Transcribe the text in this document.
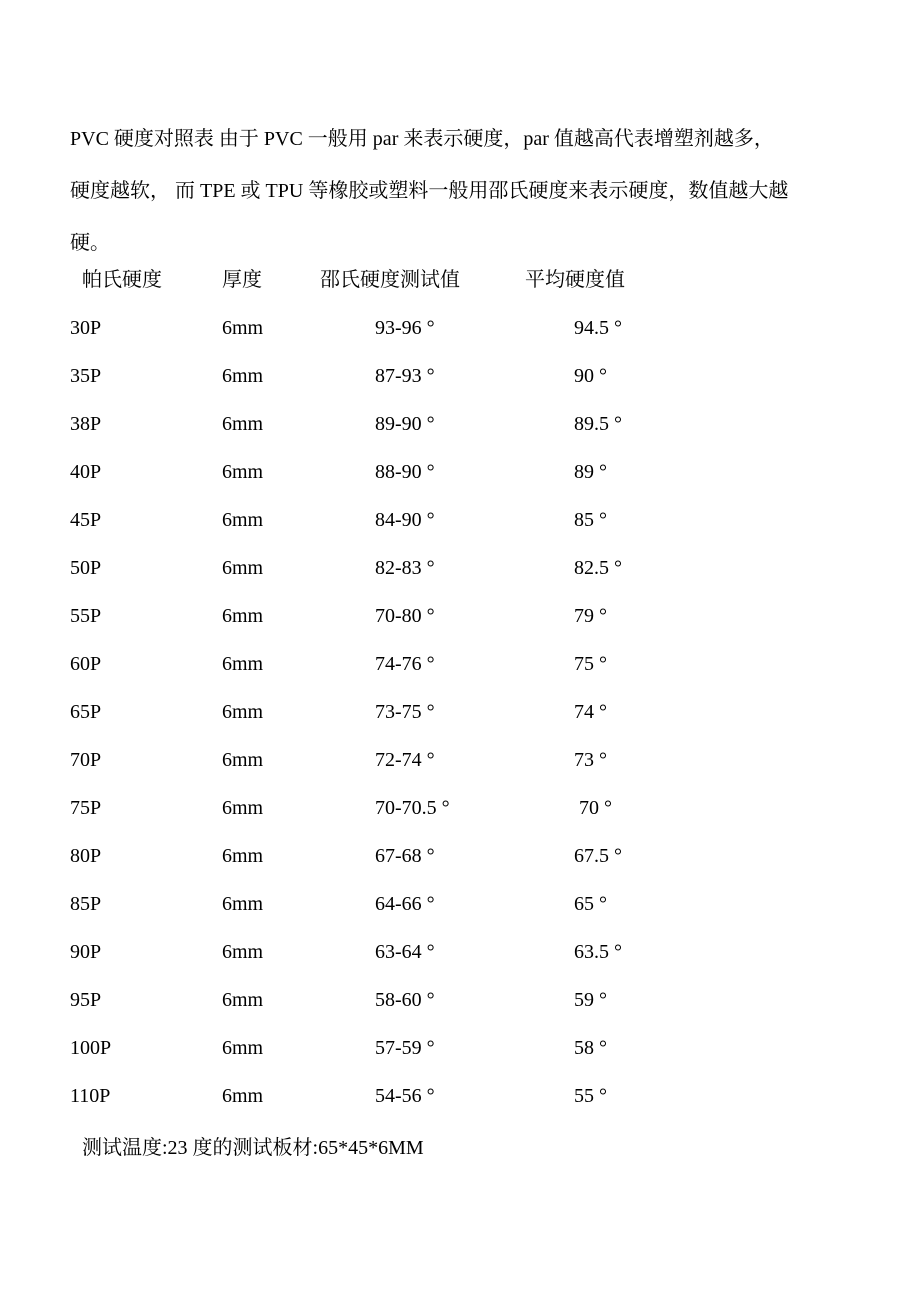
PVC 硬度对照表 由于 PVC 一般用 par 来表示硬度，par 值越高代表增塑剂越多，
硬度越软， 而 TPE 或 TPU 等橡胶或塑料一般用邵氏硬度来表示硬度，数值越大越
硬。
帕氏硬度	厚度	邵氏硬度测试值	平均硬度值
30P	6mm	93-96 °	94.5 °
35P	6mm	87-93 °	90 °
38P	6mm	89-90 °	89.5 °
40P	6mm	88-90 °	89 °
45P	6mm	84-90 °	85 °
50P	6mm	82-83 °	82.5 °
55P	6mm	70-80 °	79 °
60P	6mm	74-76 °	75 °
65P	6mm	73-75 °	74 °
70P	6mm	72-74 °	73 °
75P	6mm	70-70.5 °	70 °
80P	6mm	67-68 °	67.5 °
85P	6mm	64-66 °	65 °
90P	6mm	63-64 °	63.5 °
95P	6mm	58-60 °	59 °
100P	6mm	57-59 °	58 °
110P	6mm	54-56 °	55 °
测试温度:23 度的测试板材:65*45*6MM
